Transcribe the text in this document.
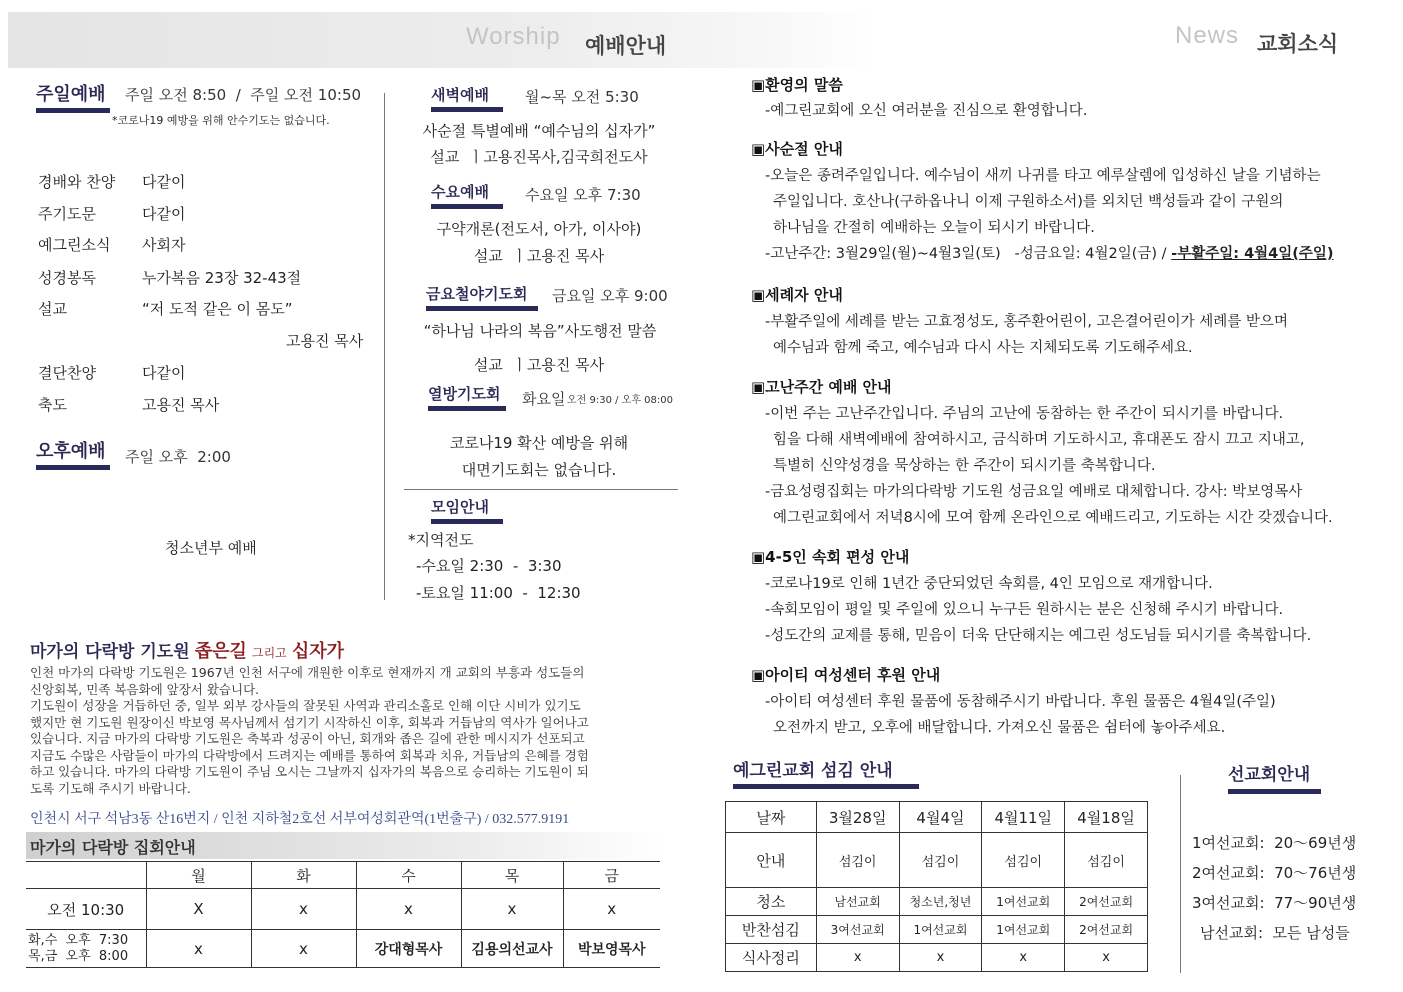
Worship 예배안내	News 교회소식
주일예배 주일 오전 8:50  /  주일 오전 10:50
*코로나19 예방을 위해 안수기도는 없습니다.
경배와 찬양 다같이
주기도문	다같이
예그린소식 사회자
성경봉독	누가복음 23장 32-43절
설교	“저 도적 같은 이 몸도”
고용진 목사
결단찬양	다같이
축도	고용진 목사
오후예배 주일 오후  2:00
청소년부 예배
새벽예배	월~목 오전 5:30
사순절 특별예배 “예수님의 십자가”
설교  ㅣ고용진목사,김국희전도사
수요예배	수요일 오후 7:30
구약개론(전도서, 아가, 이사야)
설교  ㅣ고용진 목사
금요철야기도회	금요일 오후 9:00
“하나님 나라의 복음”사도행전 말씀
설교  ㅣ고용진 목사
열방기도회	화요일 오전 9:30 / 오후 08:00
코로나19 확산 예방을 위해
대면기도회는 없습니다.
모임안내
*지역전도
-수요일 2:30  -  3:30
-토요일 11:00  -  12:30
마가의 다락방 기도원 좁은길 그리고 십자가
인천 마가의 다락방 기도원은 1967년 인천 서구에 개원한 이후로 현재까지 개 교회의 부흥과 성도들의
신앙회복, 민족 복음화에 앞장서 왔습니다.
기도원이 성장을 거듭하던 중, 일부 외부 강사들의 잘못된 사역과 관리소홀로 인해 이단 시비가 있기도
했지만 현 기도원 원장이신 박보영 목사님께서 섬기기 시작하신 이후, 회복과 거듭남의 역사가 일어나고
있습니다. 지금 마가의 다락방 기도원은 축복과 성공이 아닌, 회개와 좁은 길에 관한 메시지가 선포되고
지금도 수많은 사람들이 마가의 다락방에서 드려지는 예배를 통하여 회복과 치유, 거듭남의 은혜를 경험
하고 있습니다. 마가의 다락방 기도원이 주님 오시는 그날까지 십자가의 복음으로 승리하는 기도원이 되
도록 기도해 주시기 바랍니다.
인천시 서구 석남3동 산16번지 / 인천 지하철2호선 서부여성회관역(1번출구) / 032.577.9191
마가의 다락방 집회안내
	월	화	수	목	금
오전 10:30	X	x	x	x	x

화,수  오후  7:30
목,금  오후  8:00	x	x	강대형목사	김용의선교사	박보영목사
▣환영의 말씀
-예그린교회에 오신 여러분을 진심으로 환영합니다.
▣사순절 안내
-오늘은 종려주일입니다. 예수님이 새끼 나귀를 타고 예루살렘에 입성하신 날을 기념하는
주일입니다. 호산나(구하옵나니 이제 구원하소서)를 외치던 백성들과 같이 구원의
하나님을 간절히 예배하는 오늘이 되시기 바랍니다.
-고난주간: 3월29일(월)~4월3일(토)   -성금요일: 4월2일(금) / -부활주일: 4월4일(주일)
▣세례자 안내
-부활주일에 세례를 받는 고효정성도, 홍주환어린이, 고은결어린이가 세례를 받으며
예수님과 함께 죽고, 예수님과 다시 사는 지체되도록 기도해주세요.
▣고난주간 예배 안내
-이번 주는 고난주간입니다. 주님의 고난에 동참하는 한 주간이 되시기를 바랍니다.
힘을 다해 새벽예배에 참여하시고, 금식하며 기도하시고, 휴대폰도 잠시 끄고 지내고,
특별히 신약성경을 묵상하는 한 주간이 되시기를 축복합니다.
-금요성령집회는 마가의다락방 기도원 성금요일 예배로 대체합니다. 강사: 박보영목사
예그린교회에서 저녁8시에 모여 함께 온라인으로 예배드리고, 기도하는 시간 갖겠습니다.
▣4-5인 속회 편성 안내
-코로나19로 인해 1년간 중단되었던 속회를, 4인 모임으로 재개합니다.
-속회모임이 평일 및 주일에 있으니 누구든 원하시는 분은 신청해 주시기 바랍니다.
-성도간의 교제를 통해, 믿음이 더욱 단단해지는 예그린 성도님들 되시기를 축복합니다.
▣아이티 여성센터 후원 안내
-아이티 여성센터 후원 물품에 동참해주시기 바랍니다. 후원 물품은 4월4일(주일)
오전까지 받고, 오후에 배달합니다. 가져오신 물품은 쉼터에 놓아주세요.
예그린교회 섬김 안내
날짜	3월28일	4월4일	4월11일	4월18일
안내	섬김이	섬김이	섬김이	섬김이
청소	남선교회	청소년,청년	1여선교회	2여선교회
반찬섬김	3여선교회	1여선교회	1여선교회	2여선교회
식사정리	x	x	x	x
선교회안내
1여선교회:  20～69년생
2여선교회:  70～76년생
3여선교회:  77～90년생
남선교회:  모든 남성들
